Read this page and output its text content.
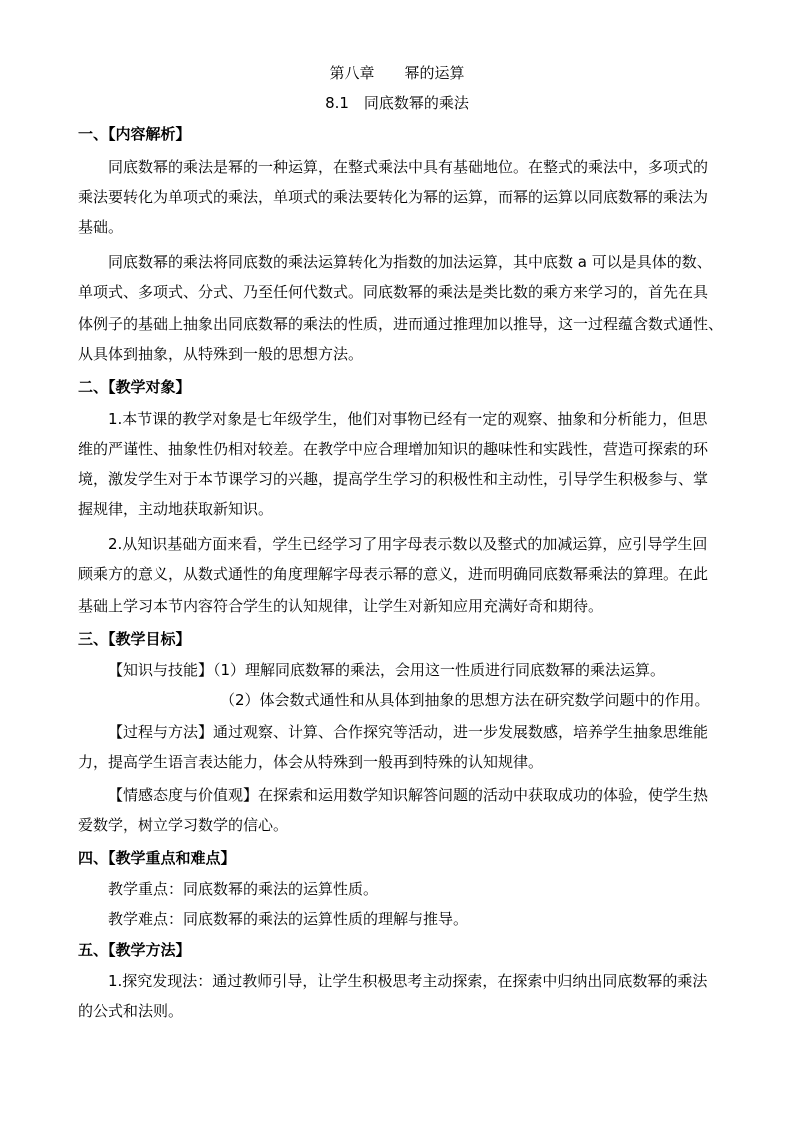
第八章　　幂的运算
8.1　同底数幂的乘法
一、【内容解析】
同底数幂的乘法是幂的一种运算，在整式乘法中具有基础地位。在整式的乘法中，多项式的
乘法要转化为单项式的乘法，单项式的乘法要转化为幂的运算，而幂的运算以同底数幂的乘法为
基础。
同底数幂的乘法将同底数的乘法运算转化为指数的加法运算，其中底数 a 可以是具体的数、
单项式、多项式、分式、乃至任何代数式。同底数幂的乘法是类比数的乘方来学习的，首先在具
体例子的基础上抽象出同底数幂的乘法的性质，进而通过推理加以推导，这一过程蕴含数式通性、
从具体到抽象，从特殊到一般的思想方法。
二、【教学对象】
1.本节课的教学对象是七年级学生，他们对事物已经有一定的观察、抽象和分析能力，但思
维的严谨性、抽象性仍相对较差。在教学中应合理增加知识的趣味性和实践性，营造可探索的环
境，激发学生对于本节课学习的兴趣，提高学生学习的积极性和主动性，引导学生积极参与、掌
握规律，主动地获取新知识。
2.从知识基础方面来看，学生已经学习了用字母表示数以及整式的加减运算，应引导学生回
顾乘方的意义，从数式通性的角度理解字母表示幂的意义，进而明确同底数幂乘法的算理。在此
基础上学习本节内容符合学生的认知规律，让学生对新知应用充满好奇和期待。
三、【教学目标】
【知识与技能】（1）理解同底数幂的乘法，会用这一性质进行同底数幂的乘法运算。
（2）体会数式通性和从具体到抽象的思想方法在研究数学问题中的作用。
【过程与方法】通过观察、计算、合作探究等活动，进一步发展数感，培养学生抽象思维能
力，提高学生语言表达能力，体会从特殊到一般再到特殊的认知规律。
【情感态度与价值观】在探索和运用数学知识解答问题的活动中获取成功的体验，使学生热
爱数学，树立学习数学的信心。
四、【教学重点和难点】
教学重点：同底数幂的乘法的运算性质。
教学难点：同底数幂的乘法的运算性质的理解与推导。
五、【教学方法】
1.探究发现法：通过教师引导，让学生积极思考主动探索，在探索中归纳出同底数幂的乘法
的公式和法则。
